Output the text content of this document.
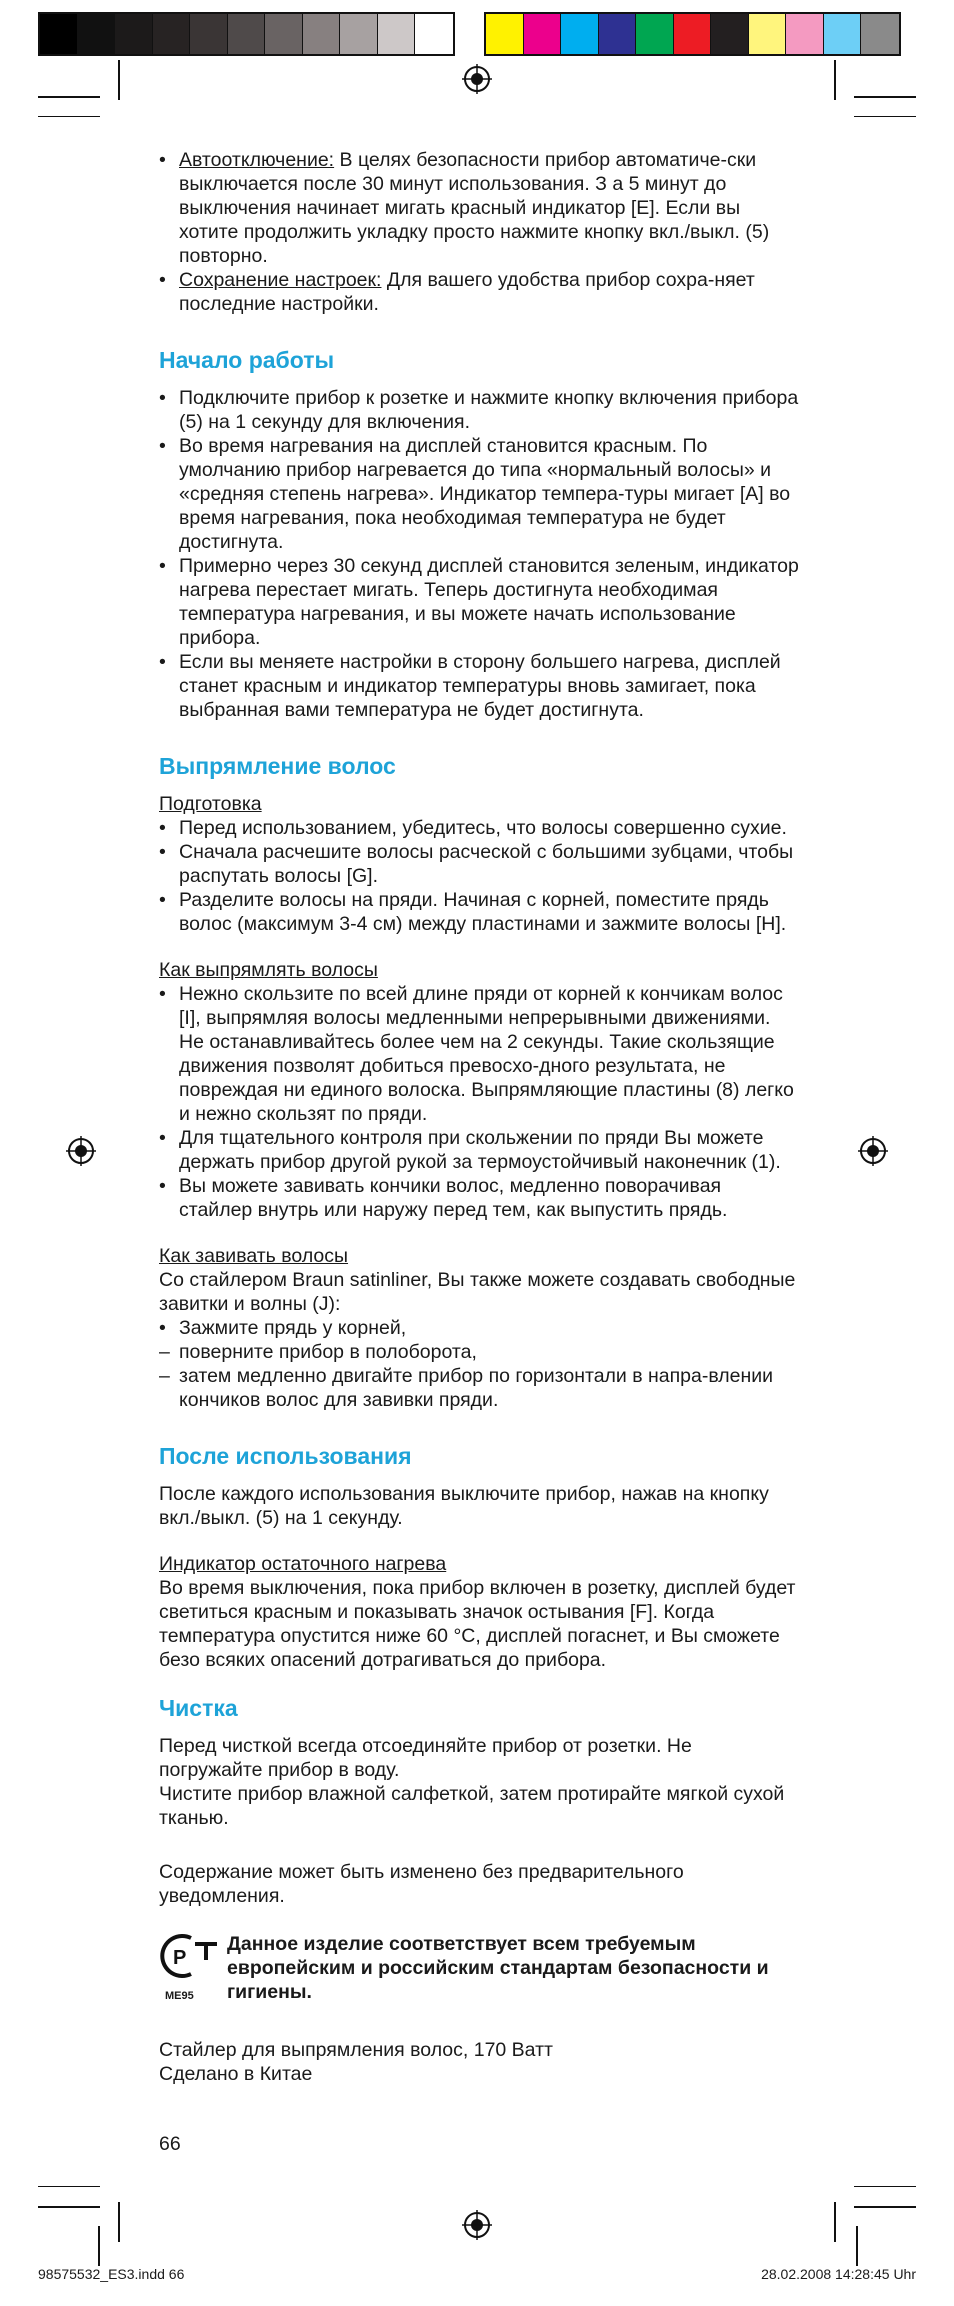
• Автоотключение: В целях безопасности прибор автоматиче-ски выключается после 30 минут использования. З а 5 минут до выключения начинает мигать красный индикатор [E]. Если вы хотите продолжить укладку просто нажмите кнопку вкл./выкл. (5) повторно.
• Сохранение настроек: Для вашего удобства прибор сохра-няет последние настройки.
Начало работы
• Подключите прибор к розетке и нажмите кнопку включения прибора (5) на 1 секунду для включения.
• Во время нагревания на дисплей становится красным. По умолчанию прибор нагревается до типа «нормальный волосы» и «средняя степень нагрева». Индикатор темпера-туры мигает [A] во время нагревания, пока необходимая температура не будет достигнута.
• Примерно через 30 секунд дисплей становится зеленым, индикатор нагрева перестает мигать. Теперь достигнута необходимая температура нагревания, и вы можете начать использование прибора.
• Если вы меняете настройки в сторону большего нагрева, дисплей станет красным и индикатор температуры вновь замигает, пока выбранная вами температура не будет достигнута.
Выпрямление волос

Подготовка

• Перед использованием, убедитесь, что волосы совершенно сухие.
• Сначала расчешите волосы расческой с большими зубцами, чтобы распутать волосы [G].
• Разделите волосы на пряди. Начиная с корней, поместите прядь волос (максимум 3-4 см) между пластинами и зажмите волосы [H].

Как выпрямлять волосы

• Нежно скользите по всей длине пряди от корней к кончикам волос [I], выпрямляя волосы медленными непрерывными движениями. Не останавливайтесь более чем на 2 секунды. Такие скользящие движения позволят добиться превосхо-дного результата, не повреждая ни единого волоска. Выпрямляющие пластины (8) легко и нежно скользят по пряди.
• Для тщательного контроля при скольжении по пряди Вы можете держать прибор другой рукой за термоустойчивый наконечник (1).
• Вы можете завивать кончики волос, медленно поворачивая стайлер внутрь или наружу перед тем, как выпустить прядь.

Как завивать волосы

Со стайлером Braun satinliner, Вы также можете создавать свободные завитки и волны (J):

• Зажмите прядь у корней,
– поверните прибор в полоборота,
– затем медленно двигайте прибор по горизонтали в напра-влении кончиков волос для завивки пряди.
После использования

После каждого использования выключите прибор, нажав на кнопку вкл./выкл. (5) на 1 секунду.

Индикатор остаточного нагрева

Во время выключения, пока прибор включен в розетку, дисплей будет светиться красным и показывать значок остывания [F]. Когда температура опустится ниже 60 °C, дисплей погаснет, и Вы сможете безо всяких опасений дотрагиваться до прибора.

Чистка

Перед чисткой всегда отсоединяйте прибор от розетки. Не погружайте прибор в воду.

Чистите прибор влажной салфеткой, затем протирайте мягкой сухой тканью.

Содержание может быть изменено без предварительного уведомления.

P
МЕ95
Данное изделие соответствует всем требуемым европейским и российским стандартам безопасности и гигиены.

Стайлер для выпрямления волос, 170 Ватт

Сделано в Китае

66
98575532_ES3.indd 66	28.02.2008 14:28:45 Uhr
